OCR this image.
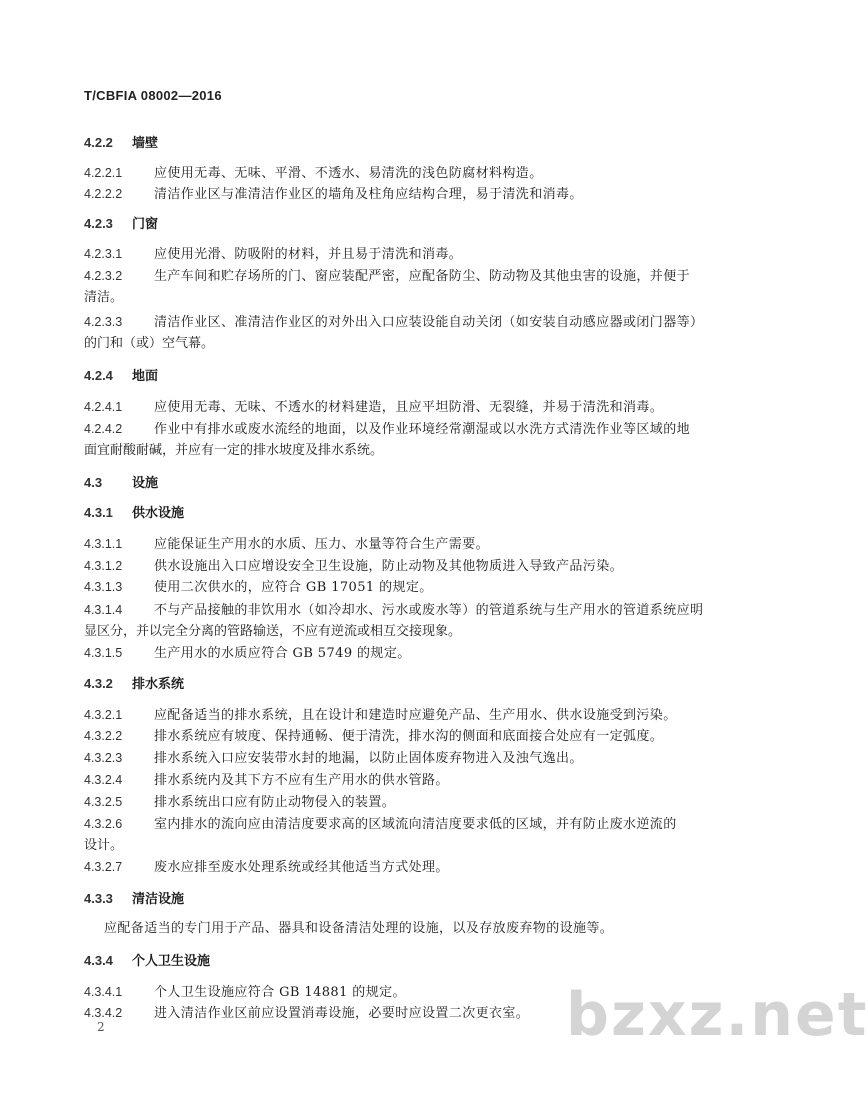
T/CBFIA 08002—2016
4.2.2 墙壁
4.2.2.1 应使用无毒、无味、平滑、不透水、易清洗的浅色防腐材料构造。
4.2.2.2 清洁作业区与准清洁作业区的墙角及柱角应结构合理，易于清洗和消毒。
4.2.3 门窗
4.2.3.1 应使用光滑、防吸附的材料，并且易于清洗和消毒。
4.2.3.2 生产车间和贮存场所的门、窗应装配严密，应配备防尘、防动物及其他虫害的设施，并便于
清洁。
4.2.3.3 清洁作业区、准清洁作业区的对外出入口应装设能自动关闭（如安装自动感应器或闭门器等）
的门和（或）空气幕。
4.2.4 地面
4.2.4.1 应使用无毒、无味、不透水的材料建造，且应平坦防滑、无裂缝，并易于清洗和消毒。
4.2.4.2 作业中有排水或废水流经的地面，以及作业环境经常潮湿或以水洗方式清洗作业等区域的地
面宜耐酸耐碱，并应有一定的排水坡度及排水系统。
4.3 设施
4.3.1 供水设施
4.3.1.1 应能保证生产用水的水质、压力、水量等符合生产需要。
4.3.1.2 供水设施出入口应增设安全卫生设施，防止动物及其他物质进入导致产品污染。
4.3.1.3 使用二次供水的，应符合 GB 17051 的规定。
4.3.1.4 不与产品接触的非饮用水（如冷却水、污水或废水等）的管道系统与生产用水的管道系统应明
显区分，并以完全分离的管路输送，不应有逆流或相互交接现象。
4.3.1.5 生产用水的水质应符合 GB 5749 的规定。
4.3.2 排水系统
4.3.2.1 应配备适当的排水系统，且在设计和建造时应避免产品、生产用水、供水设施受到污染。
4.3.2.2 排水系统应有坡度、保持通畅、便于清洗，排水沟的侧面和底面接合处应有一定弧度。
4.3.2.3 排水系统入口应安装带水封的地漏，以防止固体废弃物进入及浊气逸出。
4.3.2.4 排水系统内及其下方不应有生产用水的供水管路。
4.3.2.5 排水系统出口应有防止动物侵入的装置。
4.3.2.6 室内排水的流向应由清洁度要求高的区域流向清洁度要求低的区域，并有防止废水逆流的
设计。
4.3.2.7 废水应排至废水处理系统或经其他适当方式处理。
4.3.3 清洁设施
应配备适当的专门用于产品、器具和设备清洁处理的设施，以及存放废弃物的设施等。
4.3.4 个人卫生设施
4.3.4.1 个人卫生设施应符合 GB 14881 的规定。
4.3.4.2 进入清洁作业区前应设置消毒设施，必要时应设置二次更衣室。
2	bzxz.net
